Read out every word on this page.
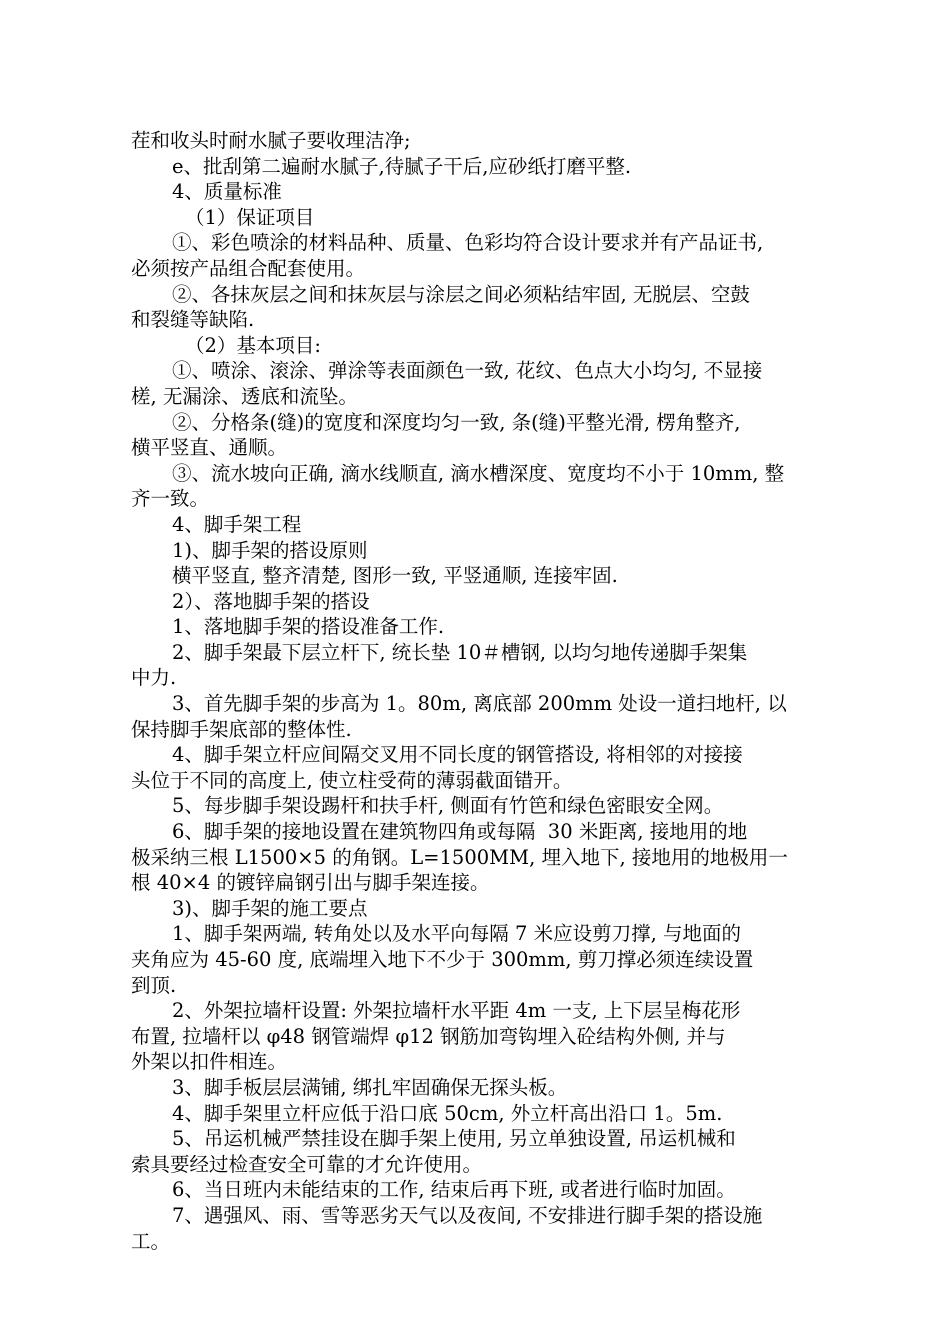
茬和收头时耐水腻子要收理洁净;
e、批刮第二遍耐水腻子,待腻子干后,应砂纸打磨平整.
4、质量标准
（1）保证项目
①、彩色喷涂的材料品种、质量、色彩均符合设计要求并有产品证书,
必须按产品组合配套使用。
②、各抹灰层之间和抹灰层与涂层之间必须粘结牢固, 无脱层、空鼓
和裂缝等缺陷.
（2）基本项目:
①、喷涂、滚涂、弹涂等表面颜色一致, 花纹、色点大小均匀, 不显接
槎, 无漏涂、透底和流坠。
②、分格条(缝)的宽度和深度均匀一致, 条(缝)平整光滑, 楞角整齐,
横平竖直、通顺。
③、流水坡向正确, 滴水线顺直, 滴水槽深度、宽度均不小于 10mm, 整
齐一致。
4、脚手架工程
1)、脚手架的搭设原则
横平竖直, 整齐清楚, 图形一致, 平竖通顺, 连接牢固.
2）、落地脚手架的搭设
1、落地脚手架的搭设准备工作.
2、脚手架最下层立杆下, 统长垫 10＃槽钢, 以均匀地传递脚手架集
中力.
3、首先脚手架的步高为 1。80m, 离底部 200mm 处设一道扫地杆, 以
保持脚手架底部的整体性.
4、脚手架立杆应间隔交叉用不同长度的钢管搭设, 将相邻的对接接
头位于不同的高度上, 使立柱受荷的薄弱截面错开。
5、每步脚手架设踢杆和扶手杆, 侧面有竹笆和绿色密眼安全网。
6、脚手架的接地设置在建筑物四角或每隔  30 米距离, 接地用的地
极采纳三根 L1500×5 的角钢。L=1500MM, 埋入地下, 接地用的地极用一
根 40×4 的镀锌扁钢引出与脚手架连接。
3)、脚手架的施工要点
1、脚手架两端, 转角处以及水平向每隔 7 米应设剪刀撑, 与地面的
夹角应为 45-60 度, 底端埋入地下不少于 300mm, 剪刀撑必须连续设置
到顶.
2、外架拉墙杆设置: 外架拉墙杆水平距 4m 一支, 上下层呈梅花形
布置, 拉墙杆以 φ48 钢管端焊 φ12 钢筋加弯钩埋入砼结构外侧, 并与
外架以扣件相连。
3、脚手板层层满铺, 绑扎牢固确保无探头板。
4、脚手架里立杆应低于沿口底 50cm, 外立杆高出沿口 1。5m.
5、吊运机械严禁挂设在脚手架上使用, 另立单独设置, 吊运机械和
索具要经过检查安全可靠的才允许使用。
6、当日班内未能结束的工作, 结束后再下班, 或者进行临时加固。
7、遇强风、雨、雪等恶劣天气以及夜间, 不安排进行脚手架的搭设施
工。
